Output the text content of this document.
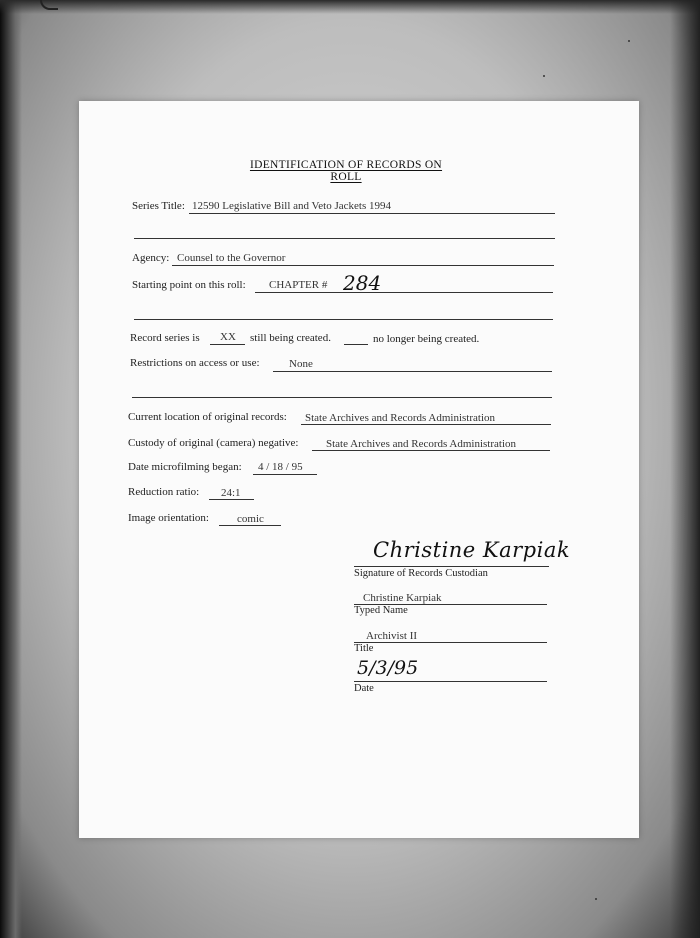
IDENTIFICATION OF RECORDS ON ROLL
Series Title: 12590 Legislative Bill and Veto Jackets 1994
Agency: Counsel to the Governor
Starting point on this roll: CHAPTER # 284
Record series is XX still being created.	no longer being created.
Restrictions on access or use:	None
Current location of original records: State Archives and Records Administration
Custody of original (camera) negative:	State Archives and Records Administration
Date microfilming began: 4 / 18 / 95
Reduction ratio: 24:1
Image orientation:	comic
Christine Karpiak
Signature of Records Custodian
Christine Karpiak
Typed Name
Archivist II
Title
5/3/95
Date
